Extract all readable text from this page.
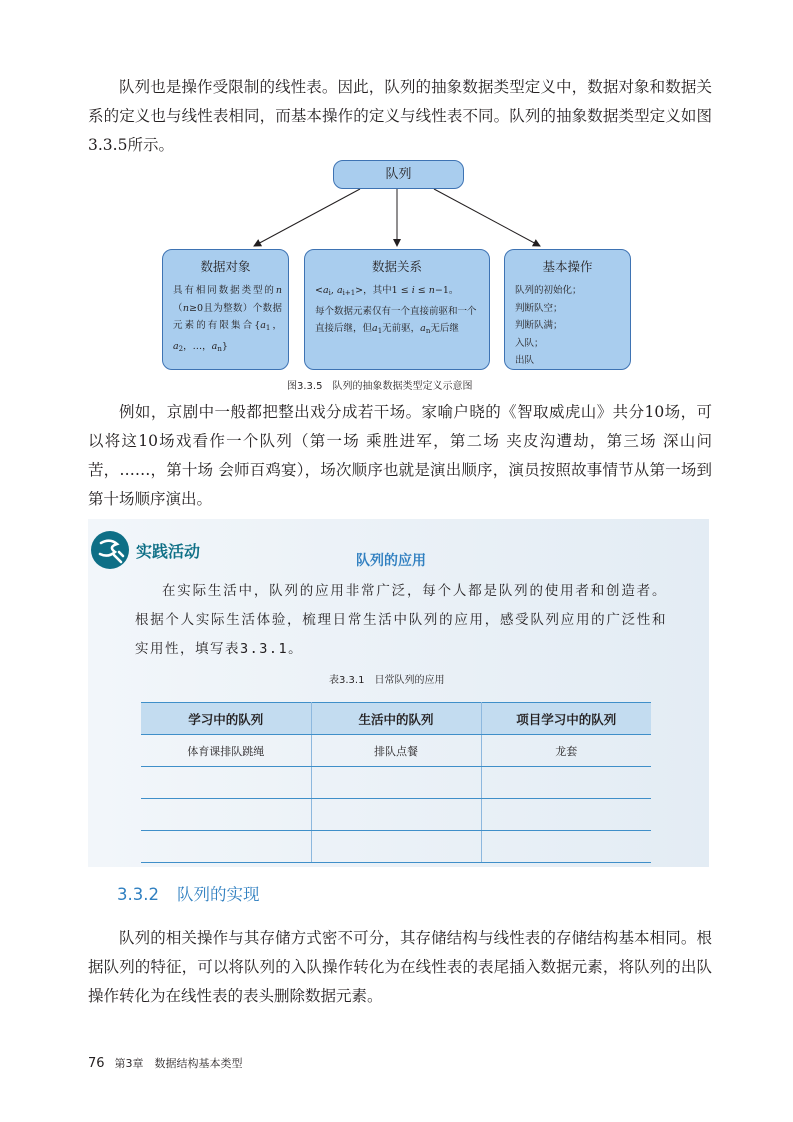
队列也是操作受限制的线性表。因此，队列的抽象数据类型定义中，数据对象和数据关系的定义也与线性表相同，而基本操作的定义与线性表不同。队列的抽象数据类型定义如图3.3.5所示。

队列
数据对象
具有相同数据类型的n（n≥0且为整数）个数据元素的有限集合{$a_1$，$a_2$，…，$a_n$}
数据关系
$<a_i$, $a_{i+1}>$，其中1 ≤ i ≤ n−1。
每个数据元素仅有一个直接前驱和一个直接后继，但$a_1$无前驱，$a_n$无后继
基本操作
队列的初始化；
判断队空；
判断队满；
入队；
出队
图3.3.5　队列的抽象数据类型定义示意图

例如，京剧中一般都把整出戏分成若干场。家喻户晓的《智取威虎山》共分10场，可以将这10场戏看作一个队列（第一场 乘胜进军，第二场 夹皮沟遭劫，第三场 深山问苦，……，第十场 会师百鸡宴），场次顺序也就是演出顺序，演员按照故事情节从第一场到第十场顺序演出。

实践活动	队列的应用

在实际生活中，队列的应用非常广泛，每个人都是队列的使用者和创造者。根据个人实际生活体验，梳理日常生活中队列的应用，感受队列应用的广泛性和实用性，填写表3.3.1。

表3.3.1　日常队列的应用
学习中的队列	生活中的队列	项目学习中的队列
体育课排队跳绳	排队点餐	龙套

3.3.2 队列的实现

队列的相关操作与其存储方式密不可分，其存储结构与线性表的存储结构基本相同。根据队列的特征，可以将队列的入队操作转化为在线性表的表尾插入数据元素，将队列的出队操作转化为在线性表的表头删除数据元素。

76 第3章　数据结构基本类型
